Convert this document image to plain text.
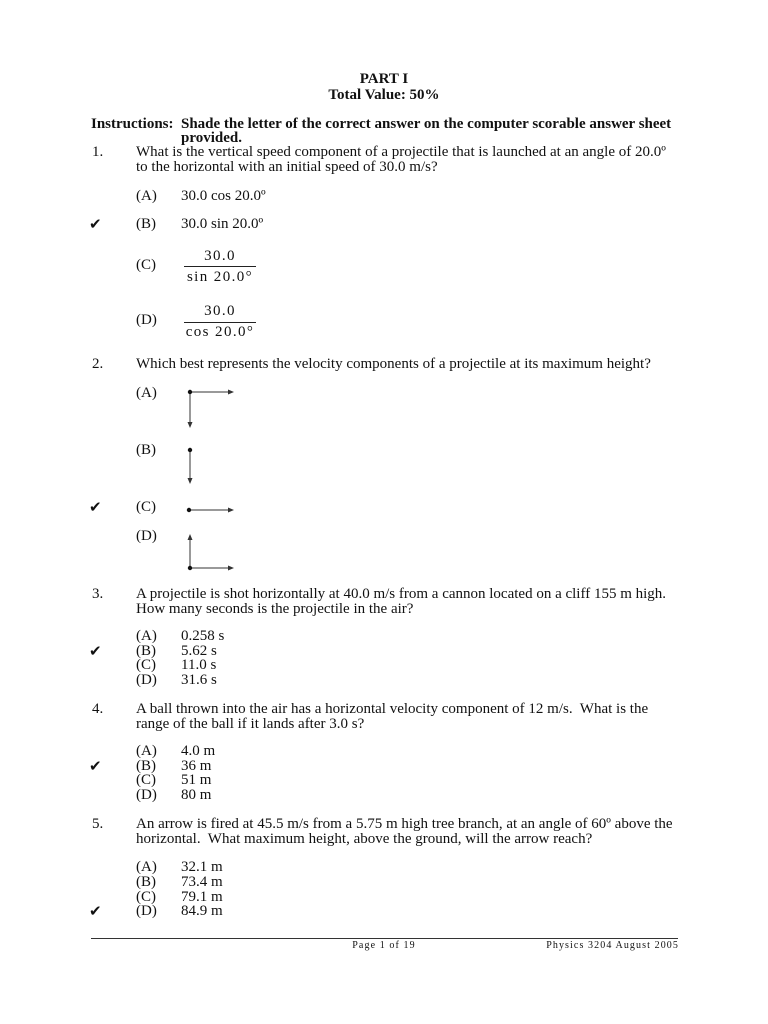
PART I
Total Value: 50%
Instructions: Shade the letter of the correct answer on the computer scorable answer sheet
provided.
1. What is the vertical speed component of a projectile that is launched at an angle of 20.0º
to the horizontal with an initial speed of 30.0 m/s?
(A) 30.0 cos 20.0º
✔ (B) 30.0 sin 20.0º
(C)
30.0
sin 20.0°
(D)
30.0
cos 20.0°
2. Which best represents the velocity components of a projectile at its maximum height?
(A)
(B)
✔ (C)
(D)
3. A projectile is shot horizontally at 40.0 m/s from a cannon located on a cliff 155 m high.
How many seconds is the projectile in the air?
(A) 0.258 s
✔ (B) 5.62 s
(C) 11.0 s
(D) 31.6 s
4. A ball thrown into the air has a horizontal velocity component of 12 m/s.  What is the
range of the ball if it lands after 3.0 s?
(A) 4.0 m
✔ (B) 36 m
(C) 51 m
(D) 80 m
5. An arrow is fired at 45.5 m/s from a 5.75 m high tree branch, at an angle of 60º above the
horizontal.  What maximum height, above the ground, will the arrow reach?
(A) 32.1 m
(B) 73.4 m
(C) 79.1 m
✔ (D) 84.9 m
Page 1 of 19	Physics 3204 August 2005
